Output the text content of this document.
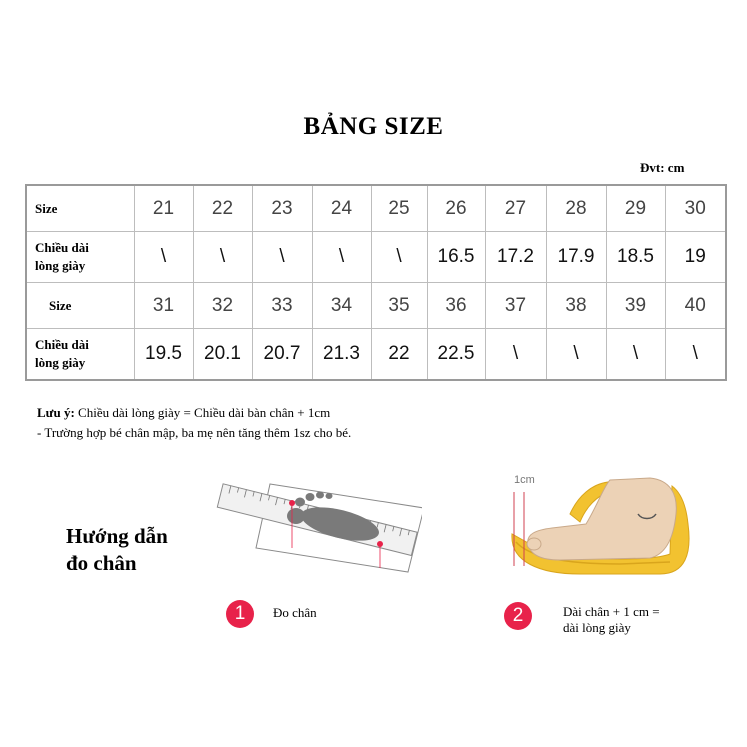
BẢNG SIZE
Đvt: cm
Size	21	22	23	24	25	26	27	28	29	30
Chiều dài
lòng giày	\	\	\	\	\	16.5	17.2	17.9	18.5	19
Size	31	32	33	34	35	36	37	38	39	40
Chiều dài
lòng giày	19.5	20.1	20.7	21.3	22	22.5	\	\	\	\
Lưu ý: Chiều dài lòng giày = Chiều dài bàn chân + 1cm
- Trường hợp bé chân mập, ba mẹ nên tăng thêm 1sz cho bé.
Hướng dẫn
đo chân
1cm
1	Đo chân	2	Dài chân + 1 cm =
dài lòng giày
